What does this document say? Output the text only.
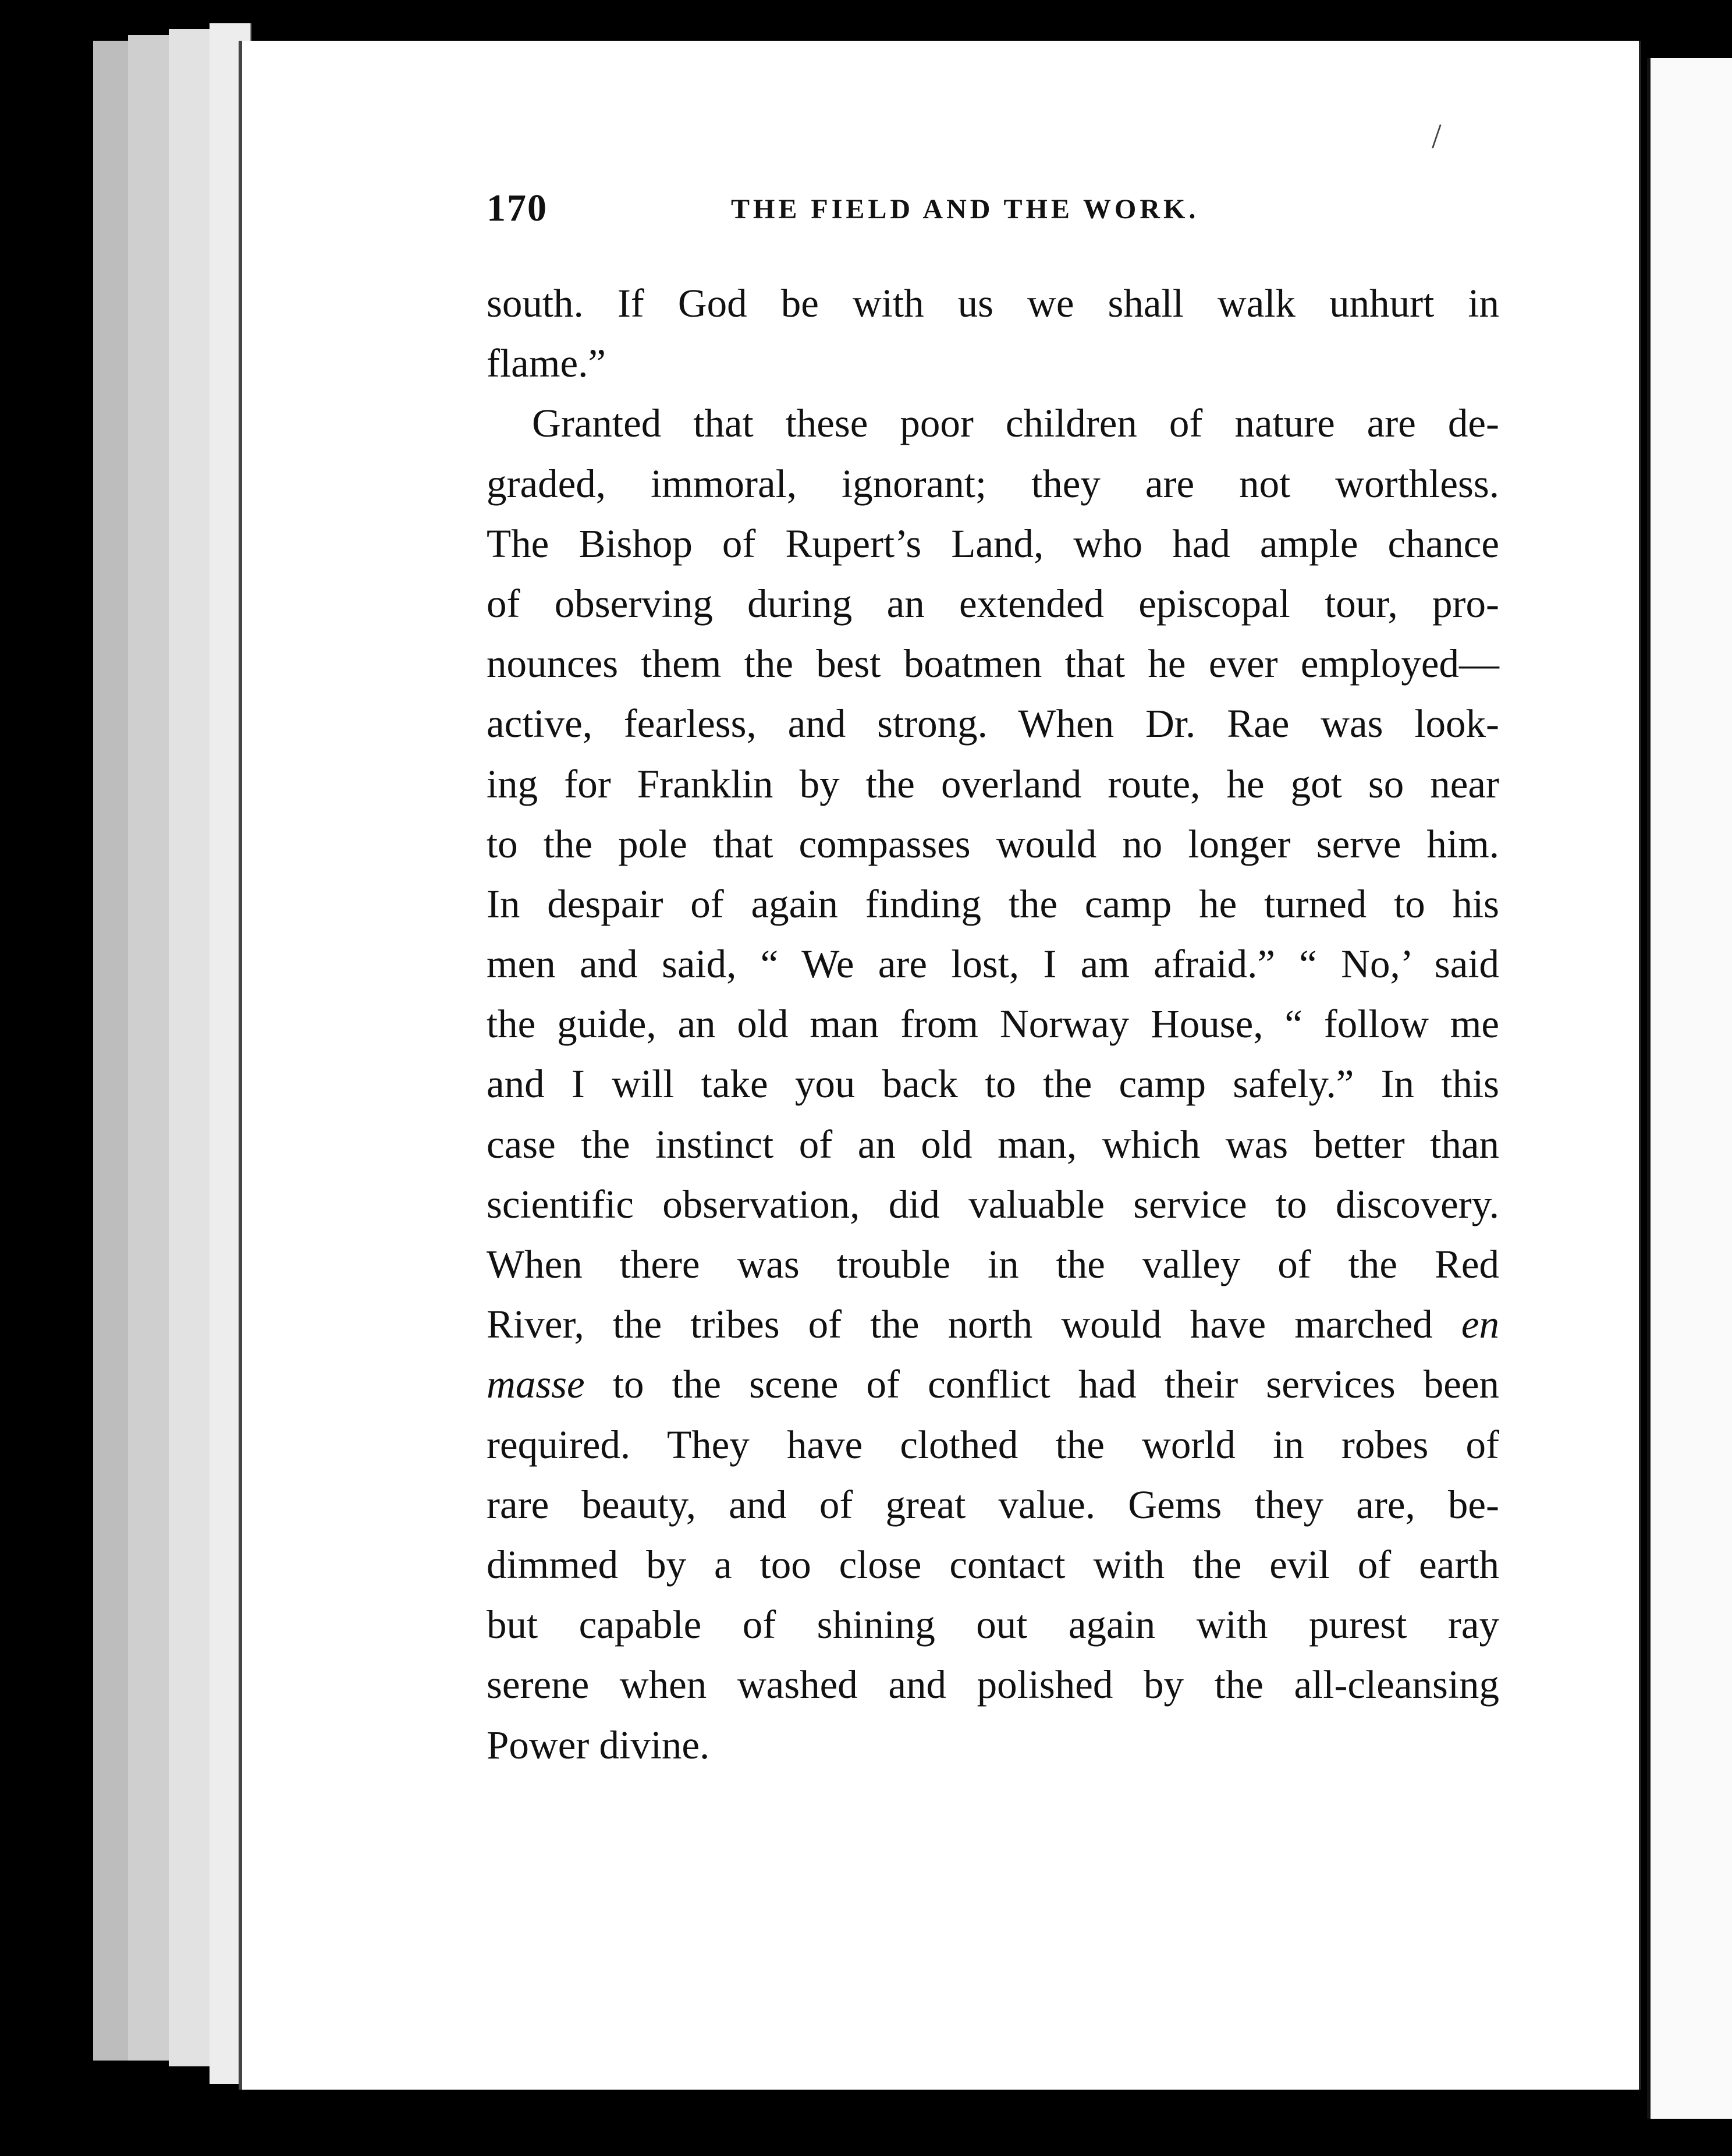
/
170	THE FIELD AND THE WORK.
south. If God be with us we shall walk unhurt in
flame.”
Granted that these poor children of nature are de-
graded, immoral, ignorant; they are not worthless.
The Bishop of Rupert’s Land, who had ample chance
of observing during an extended episcopal tour, pro-
nounces them the best boatmen that he ever employed—
active, fearless, and strong. When Dr. Rae was look-
ing for Franklin by the overland route, he got so near
to the pole that compasses would no longer serve him.
In despair of again finding the camp he turned to his
men and said, “ We are lost, I am afraid.” “ No,’ said
the guide, an old man from Norway House, “ follow me
and I will take you back to the camp safely.” In this
case the instinct of an old man, which was better than
scientific observation, did valuable service to discovery.
When there was trouble in the valley of the Red
River, the tribes of the north would have marched en
masse to the scene of conflict had their services been
required. They have clothed the world in robes of
rare beauty, and of great value. Gems they are, be-
dimmed by a too close contact with the evil of earth
but capable of shining out again with purest ray
serene when washed and polished by the all-cleansing
Power divine.
